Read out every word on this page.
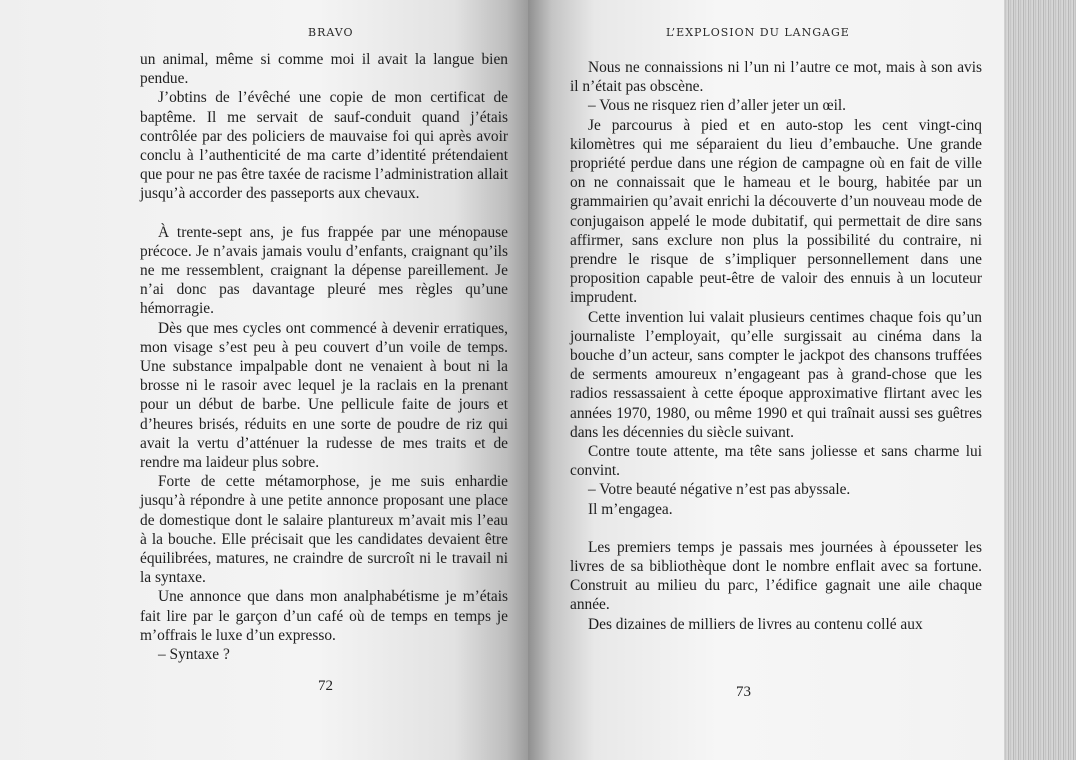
BRAVO

un animal, même si comme moi il avait la langue bien pendue.

J’obtins de l’évêché une copie de mon certificat de baptême. Il me servait de sauf-conduit quand j’étais contrôlée par des policiers de mauvaise foi qui après avoir conclu à l’authenticité de ma carte d’identité prétendaient que pour ne pas être taxée de racisme l’administration allait jusqu’à accorder des passeports aux chevaux.

À trente-sept ans, je fus frappée par une ménopause précoce. Je n’avais jamais voulu d’enfants, craignant qu’ils ne me ressemblent, craignant la dépense pareillement. Je n’ai donc pas davantage pleuré mes règles qu’une hémorragie.

Dès que mes cycles ont commencé à devenir erratiques, mon visage s’est peu à peu couvert d’un voile de temps. Une substance impalpable dont ne venaient à bout ni la brosse ni le rasoir avec lequel je la raclais en la prenant pour un début de barbe. Une pellicule faite de jours et d’heures brisés, réduits en une sorte de poudre de riz qui avait la vertu d’atténuer la rudesse de mes traits et de rendre ma laideur plus sobre.

Forte de cette métamorphose, je me suis enhardie jusqu’à répondre à une petite annonce proposant une place de domestique dont le salaire plantureux m’avait mis l’eau à la bouche. Elle précisait que les candidates devaient être équilibrées, matures, ne craindre de surcroît ni le travail ni la syntaxe.

Une annonce que dans mon analphabétisme je m’étais fait lire par le garçon d’un café où de temps en temps je m’offrais le luxe d’un expresso.

– Syntaxe ?

72
L’EXPLOSION DU LANGAGE

Nous ne connaissions ni l’un ni l’autre ce mot, mais à son avis il n’était pas obscène.

– Vous ne risquez rien d’aller jeter un œil.

Je parcourus à pied et en auto-stop les cent vingt-cinq kilomètres qui me séparaient du lieu d’embauche. Une grande propriété perdue dans une région de campagne où en fait de ville on ne connaissait que le hameau et le bourg, habitée par un grammairien qu’avait enrichi la découverte d’un nouveau mode de conjugaison appelé le mode dubitatif, qui permettait de dire sans affirmer, sans exclure non plus la possibilité du contraire, ni prendre le risque de s’impliquer personnellement dans une proposition capable peut-être de valoir des ennuis à un locuteur imprudent.

Cette invention lui valait plusieurs centimes chaque fois qu’un journaliste l’employait, qu’elle surgissait au cinéma dans la bouche d’un acteur, sans compter le jackpot des chansons truffées de serments amoureux n’engageant pas à grand-chose que les radios ressassaient à cette époque approximative flirtant avec les années 1970, 1980, ou même 1990 et qui traînait aussi ses guêtres dans les décennies du siècle suivant.

Contre toute attente, ma tête sans joliesse et sans charme lui convint.

– Votre beauté négative n’est pas abyssale.

Il m’engagea.

Les premiers temps je passais mes journées à épousseter les livres de sa bibliothèque dont le nombre enflait avec sa fortune. Construit au milieu du parc, l’édifice gagnait une aile chaque année.

Des dizaines de milliers de livres au contenu collé aux

73
